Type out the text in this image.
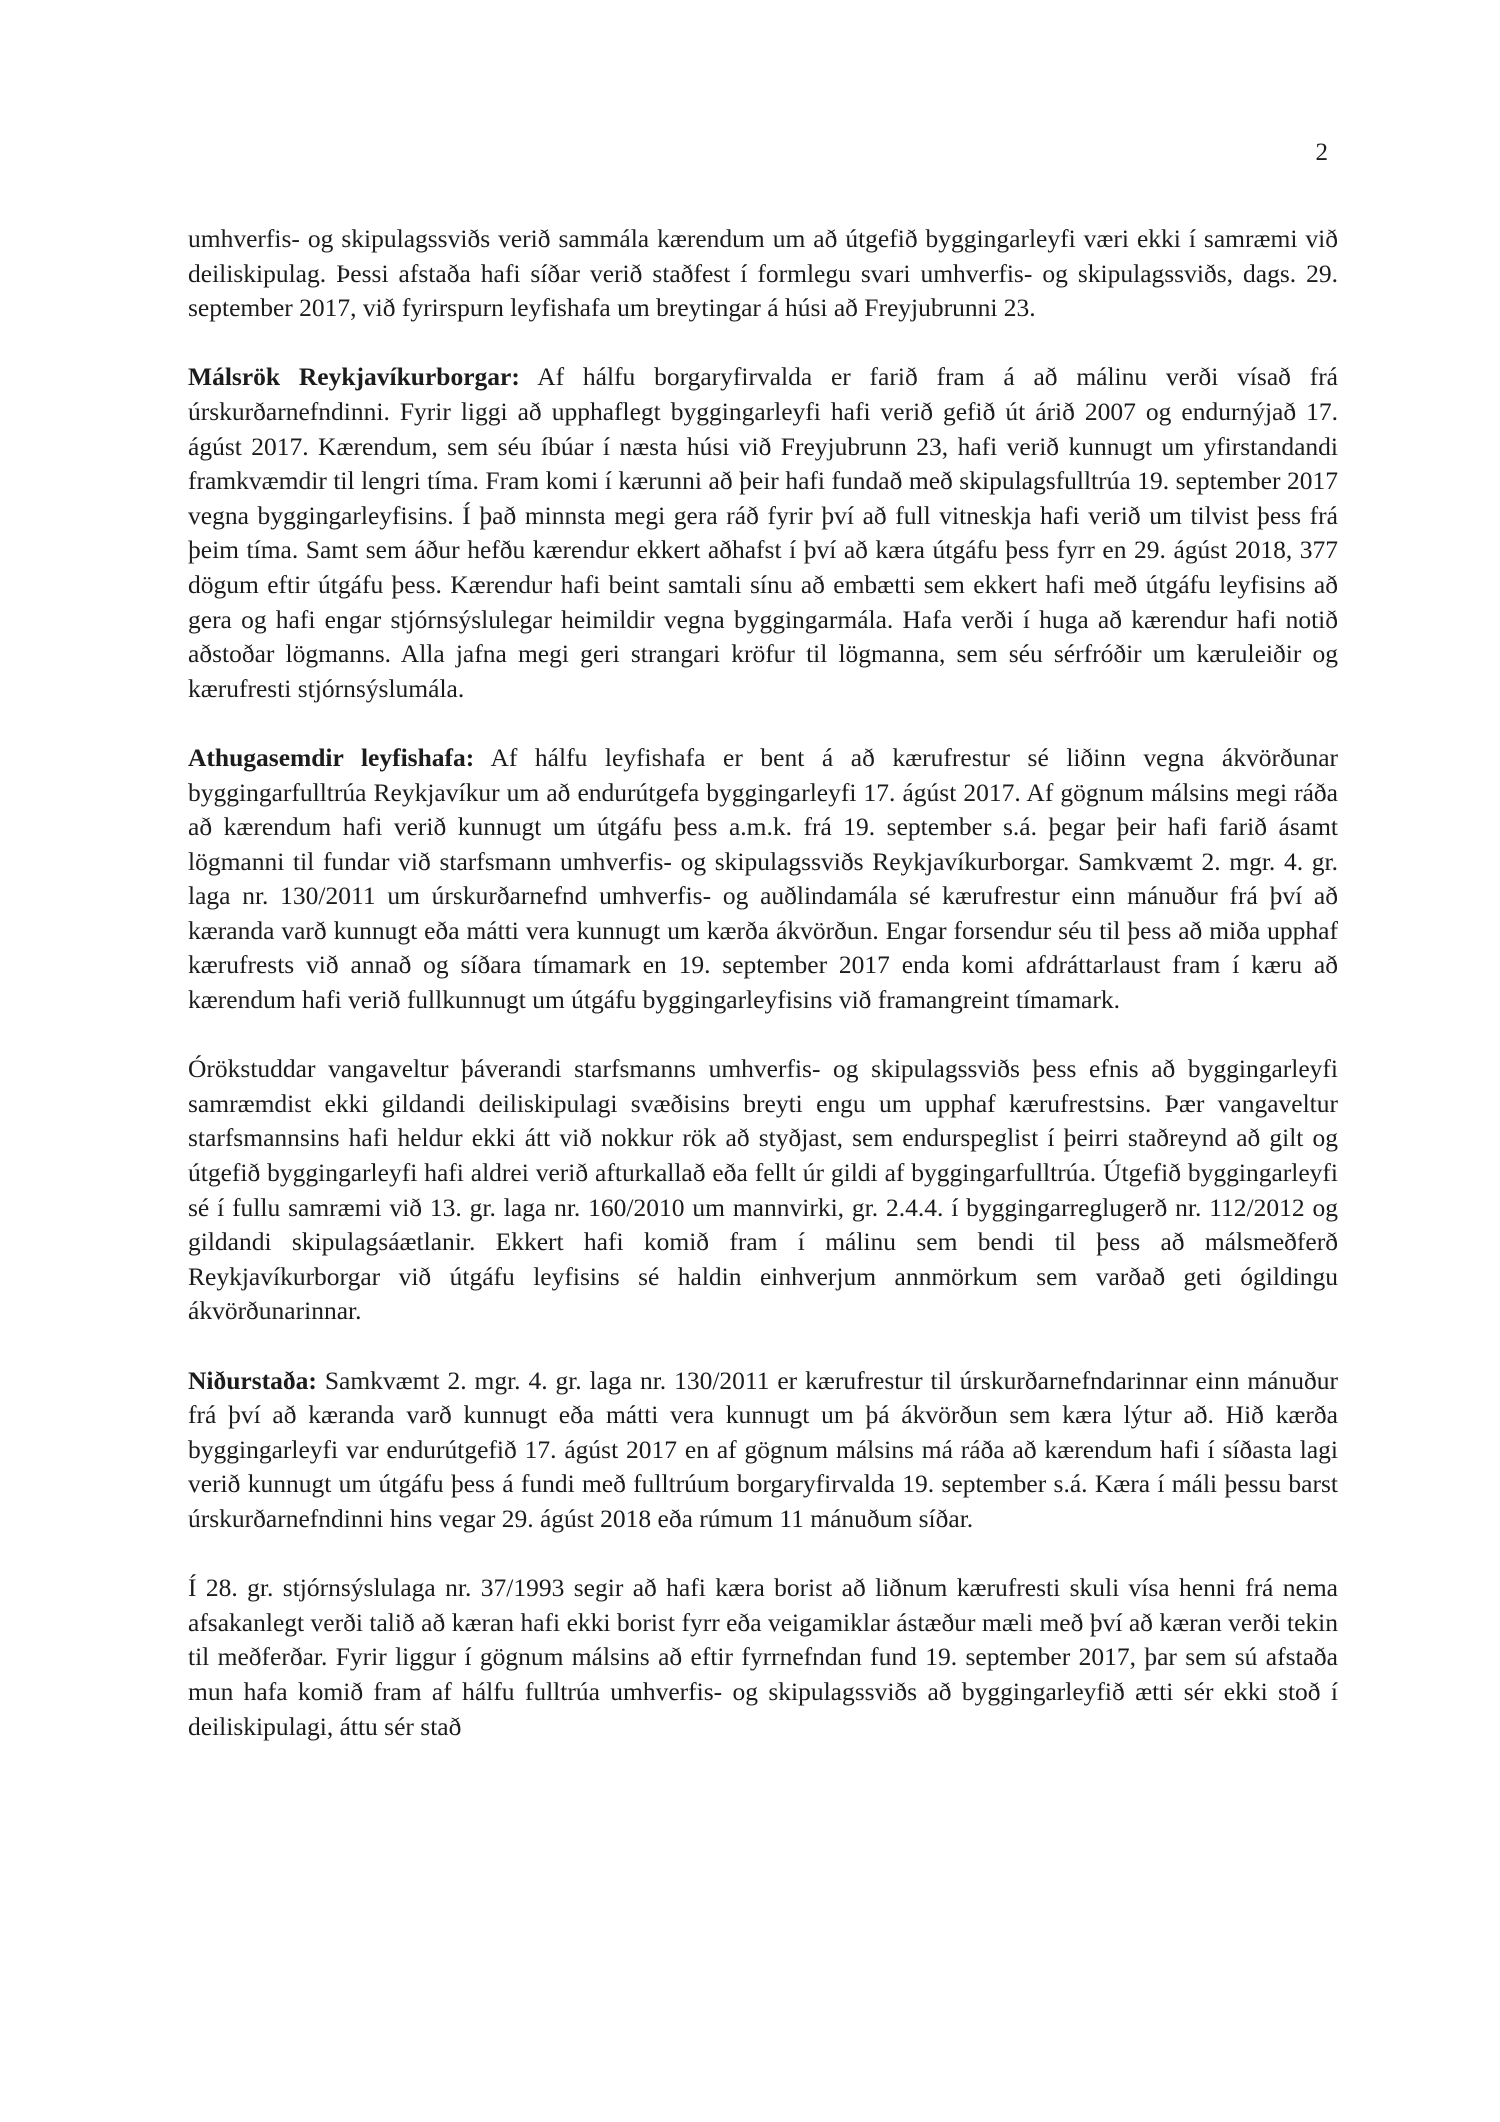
2

umhverfis- og skipulagssviðs verið sammála kærendum um að útgefið byggingarleyfi væri ekki í samræmi við deiliskipulag. Þessi afstaða hafi síðar verið staðfest í formlegu svari umhverfis- og skipulagssviðs, dags. 29. september 2017, við fyrirspurn leyfishafa um breytingar á húsi að Freyjubrunni 23.

Málsrök Reykjavíkurborgar: Af hálfu borgaryfirvalda er farið fram á að málinu verði vísað frá úrskurðarnefndinni. Fyrir liggi að upphaflegt byggingarleyfi hafi verið gefið út árið 2007 og endurnýjað 17. ágúst 2017. Kærendum, sem séu íbúar í næsta húsi við Freyjubrunn 23, hafi verið kunnugt um yfirstandandi framkvæmdir til lengri tíma. Fram komi í kærunni að þeir hafi fundað með skipulagsfulltrúa 19. september 2017 vegna byggingarleyfisins. Í það minnsta megi gera ráð fyrir því að full vitneskja hafi verið um tilvist þess frá þeim tíma. Samt sem áður hefðu kærendur ekkert aðhafst í því að kæra útgáfu þess fyrr en 29. ágúst 2018, 377 dögum eftir útgáfu þess. Kærendur hafi beint samtali sínu að embætti sem ekkert hafi með útgáfu leyfisins að gera og hafi engar stjórnsýslulegar heimildir vegna byggingarmála. Hafa verði í huga að kærendur hafi notið aðstoðar lögmanns. Alla jafna megi geri strangari kröfur til lögmanna, sem séu sérfróðir um kæruleiðir og kærufresti stjórnsýslumála.

Athugasemdir leyfishafa: Af hálfu leyfishafa er bent á að kærufrestur sé liðinn vegna ákvörðunar byggingarfulltrúa Reykjavíkur um að endurútgefa byggingarleyfi 17. ágúst 2017. Af gögnum málsins megi ráða að kærendum hafi verið kunnugt um útgáfu þess a.m.k. frá 19. september s.á. þegar þeir hafi farið ásamt lögmanni til fundar við starfsmann umhverfis- og skipulagssviðs Reykjavíkurborgar. Samkvæmt 2. mgr. 4. gr. laga nr. 130/2011 um úrskurðarnefnd umhverfis- og auðlindamála sé kærufrestur einn mánuður frá því að kæranda varð kunnugt eða mátti vera kunnugt um kærða ákvörðun. Engar forsendur séu til þess að miða upphaf kærufrests við annað og síðara tímamark en 19. september 2017 enda komi afdráttarlaust fram í kæru að kærendum hafi verið fullkunnugt um útgáfu byggingarleyfisins við framangreint tímamark.

Órökstuddar vangaveltur þáverandi starfsmanns umhverfis- og skipulagssviðs þess efnis að byggingarleyfi samræmdist ekki gildandi deiliskipulagi svæðisins breyti engu um upphaf kærufrestsins. Þær vangaveltur starfsmannsins hafi heldur ekki átt við nokkur rök að styðjast, sem endurspeglist í þeirri staðreynd að gilt og útgefið byggingarleyfi hafi aldrei verið afturkallað eða fellt úr gildi af byggingarfulltrúa. Útgefið byggingarleyfi sé í fullu samræmi við 13. gr. laga nr. 160/2010 um mannvirki, gr. 2.4.4. í byggingarreglugerð nr. 112/2012 og gildandi skipulagsáætlanir. Ekkert hafi komið fram í málinu sem bendi til þess að málsmeðferð Reykjavíkurborgar við útgáfu leyfisins sé haldin einhverjum annmörkum sem varðað geti ógildingu ákvörðunarinnar.

Niðurstaða: Samkvæmt 2. mgr. 4. gr. laga nr. 130/2011 er kærufrestur til úrskurðarnefndarinnar einn mánuður frá því að kæranda varð kunnugt eða mátti vera kunnugt um þá ákvörðun sem kæra lýtur að. Hið kærða byggingarleyfi var endurútgefið 17. ágúst 2017 en af gögnum málsins má ráða að kærendum hafi í síðasta lagi verið kunnugt um útgáfu þess á fundi með fulltrúum borgaryfirvalda 19. september s.á. Kæra í máli þessu barst úrskurðarnefndinni hins vegar 29. ágúst 2018 eða rúmum 11 mánuðum síðar.

Í 28. gr. stjórnsýslulaga nr. 37/1993 segir að hafi kæra borist að liðnum kærufresti skuli vísa henni frá nema afsakanlegt verði talið að kæran hafi ekki borist fyrr eða veigamiklar ástæður mæli með því að kæran verði tekin til meðferðar. Fyrir liggur í gögnum málsins að eftir fyrrnefndan fund 19. september 2017, þar sem sú afstaða mun hafa komið fram af hálfu fulltrúa umhverfis- og skipulagssviðs að byggingarleyfið ætti sér ekki stoð í deiliskipulagi, áttu sér stað
